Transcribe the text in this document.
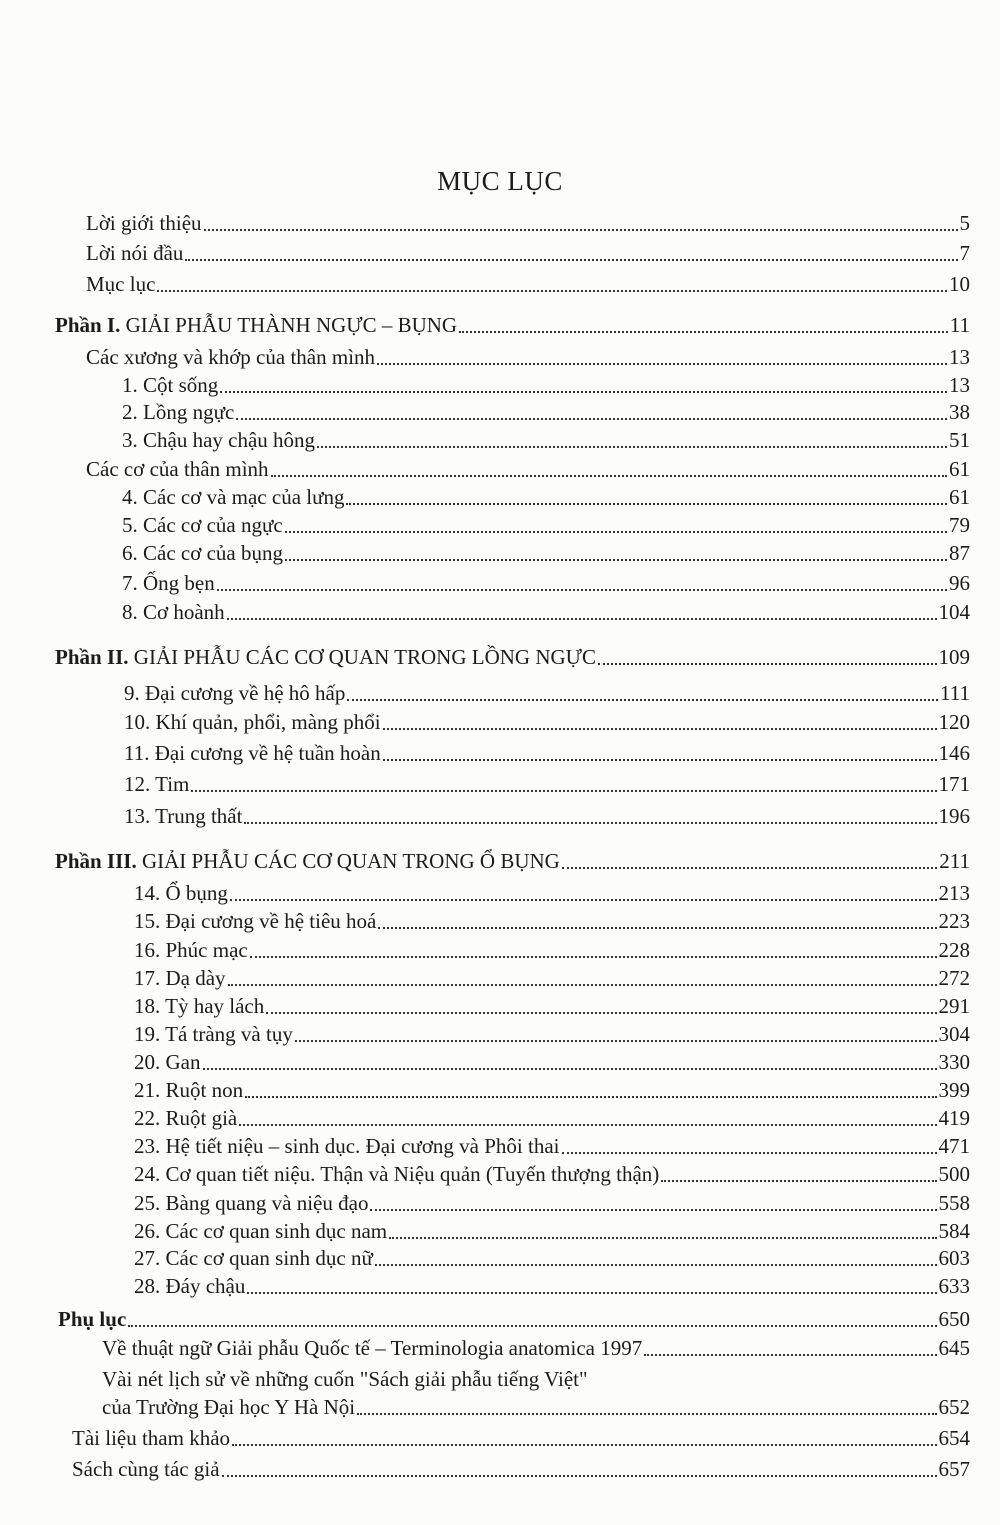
MỤC LỤC
Lời giới thiệu	5
Lời nói đầu	7
Mục lục	10
Phần I. GIẢI PHẪU THÀNH NGỰC – BỤNG	11
Các xương và khớp của thân mình	13
1. Cột sống	13
2. Lồng ngực	38
3. Chậu hay chậu hông	51
Các cơ của thân mình	61
4. Các cơ và mạc của lưng	61
5. Các cơ của ngực	79
6. Các cơ của bụng	87
7. Ống bẹn	96
8. Cơ hoành	104
Phần II. GIẢI PHẪU CÁC CƠ QUAN TRONG LỒNG NGỰC	109
9. Đại cương về hệ hô hấp	111
10. Khí quản, phổi, màng phổi	120
11. Đại cương về hệ tuần hoàn	146
12. Tim	171
13. Trung thất	196
Phần III. GIẢI PHẪU CÁC CƠ QUAN TRONG Ổ BỤNG	211
14. Ổ bụng	213
15. Đại cương về hệ tiêu hoá	223
16. Phúc mạc	228
17. Dạ dày	272
18. Tỳ hay lách	291
19. Tá tràng và tụy	304
20. Gan	330
21. Ruột non	399
22. Ruột già	419
23. Hệ tiết niệu – sinh dục. Đại cương và Phôi thai	471
24. Cơ quan tiết niệu. Thận và Niệu quản (Tuyến thượng thận)	500
25. Bàng quang và niệu đạo	558
26. Các cơ quan sinh dục nam	584
27. Các cơ quan sinh dục nữ	603
28. Đáy chậu	633
Phụ lục	650
Về thuật ngữ Giải phẫu Quốc tế – Terminologia anatomica 1997	645
Vài nét lịch sử về những cuốn "Sách giải phẫu tiếng Việt"
của Trường Đại học Y Hà Nội	652
Tài liệu tham khảo	654
Sách cùng tác giả	657
